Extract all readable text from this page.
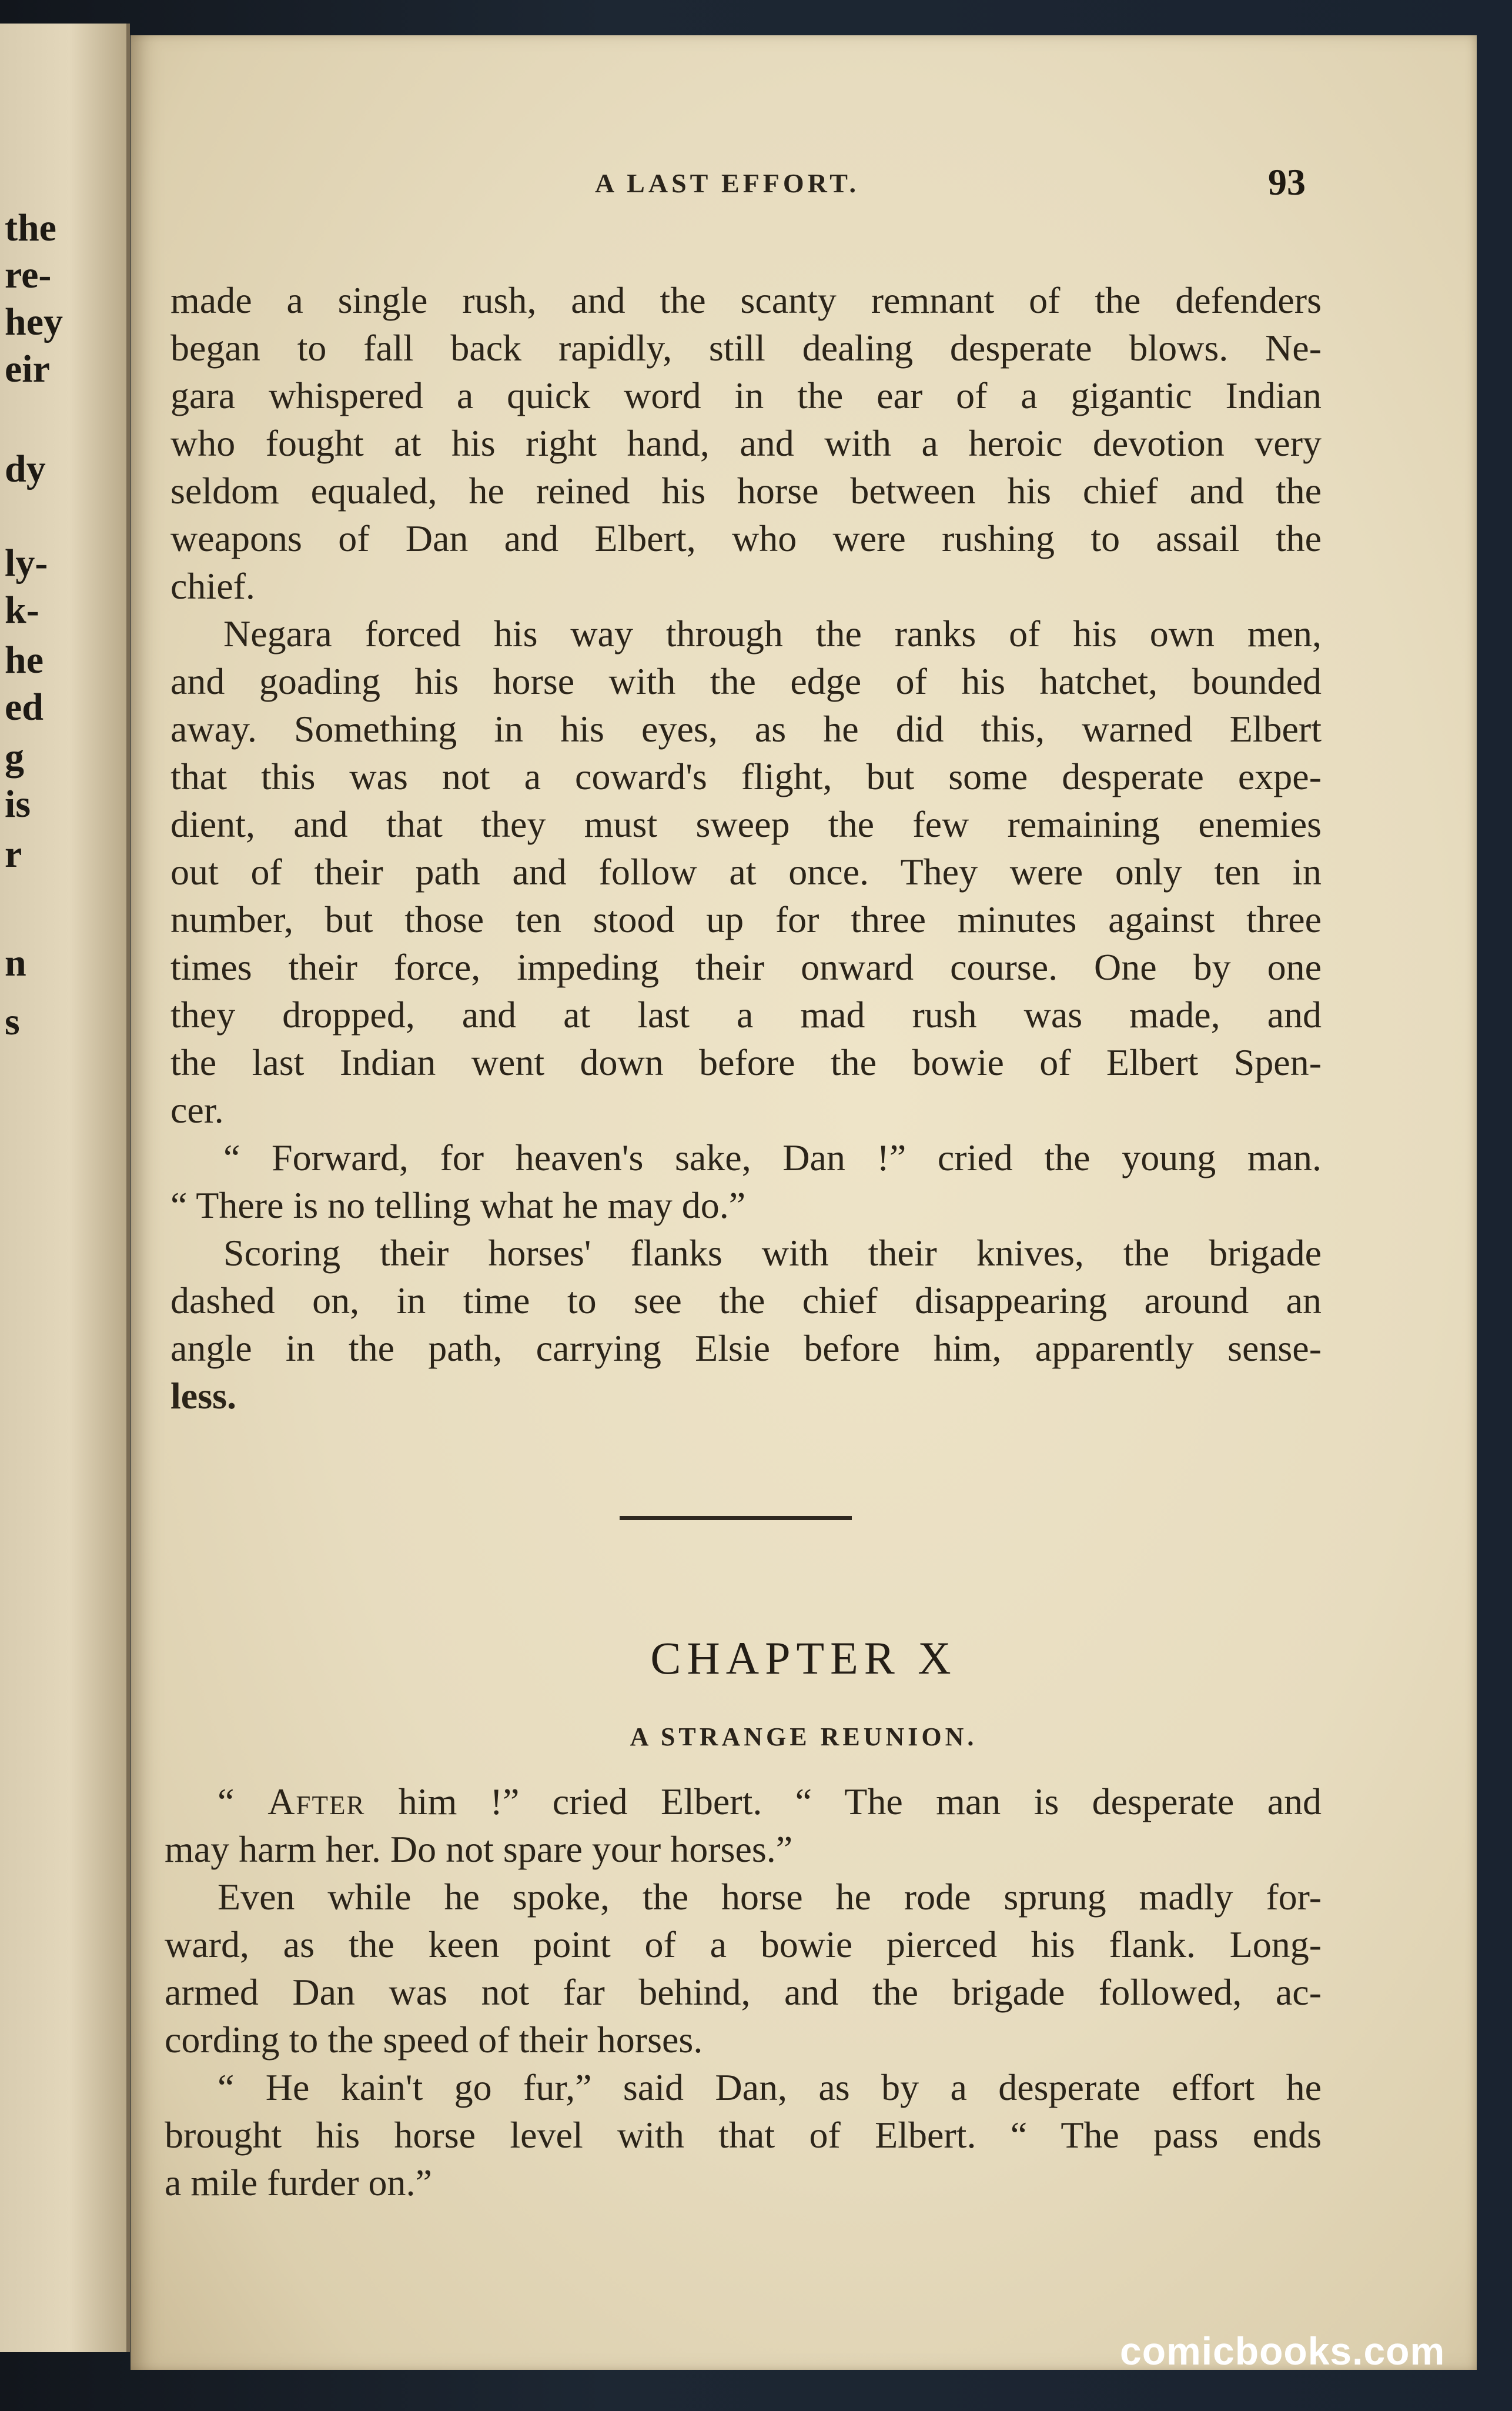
the
re-
hey
eir
dy
ly-
k-
he
ed
g
is
r
n
s
A LAST EFFORT.	93
made a single rush, and the scanty remnant of the defenders
began to fall back rapidly, still dealing desperate blows. Ne-
gara whispered a quick word in the ear of a gigantic Indian
who fought at his right hand, and with a heroic devotion very
seldom equaled, he reined his horse between his chief and the
weapons of Dan and Elbert, who were rushing to assail the
chief.
Negara forced his way through the ranks of his own men,
and goading his horse with the edge of his hatchet, bounded
away. Something in his eyes, as he did this, warned Elbert
that this was not a coward's flight, but some desperate expe-
dient, and that they must sweep the few remaining enemies
out of their path and follow at once. They were only ten in
number, but those ten stood up for three minutes against three
times their force, impeding their onward course. One by one
they dropped, and at last a mad rush was made, and
the last Indian went down before the bowie of Elbert Spen-
cer.
“ Forward, for heaven's sake, Dan !” cried the young man.
“ There is no telling what he may do.”
Scoring their horses' flanks with their knives, the brigade
dashed on, in time to see the chief disappearing around an
angle in the path, carrying Elsie before him, apparently sense-
less.
CHAPTER X
A STRANGE REUNION.
“ After him !” cried Elbert. “ The man is desperate and
may harm her. Do not spare your horses.”
Even while he spoke, the horse he rode sprung madly for-
ward, as the keen point of a bowie pierced his flank. Long-
armed Dan was not far behind, and the brigade followed, ac-
cording to the speed of their horses.
“ He kain't go fur,” said Dan, as by a desperate effort he
brought his horse level with that of Elbert. “ The pass ends
a mile furder on.”
comicbooks.com
